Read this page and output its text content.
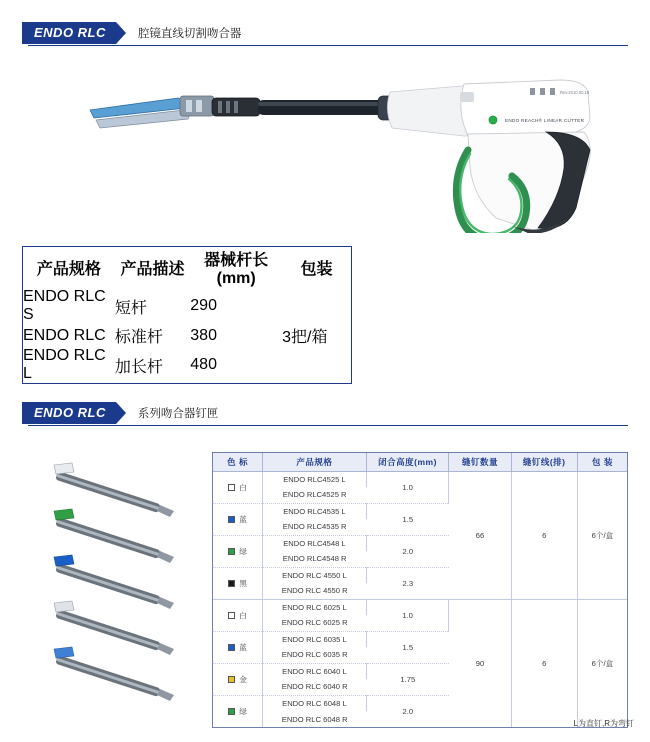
ENDO RLC	腔镜直线切割吻合器
Rev.2010.00.10
ENDO REACH® LINEAR CUTTER
产品规格	产品描述	器械杆长(mm)	包装
ENDO RLC S	短杆	290	3把/箱
ENDO RLC	标准杆	380	
ENDO RLC L	加长杆	480	
ENDO RLC	系列吻合器钉匣
色 标	产品规格	闭合高度(mm)	缝钉数量	缝钉线(排)	包 装
白	ENDO RLC4525 L	1.0	66	6	6个/盒
	ENDO RLC4525 R				
蓝	ENDO RLC4535 L	1.5			
	ENDO RLC4535 R				
绿	ENDO RLC4548 L	2.0			
	ENDO RLC4548 R				
黑	ENDO RLC 4550 L	2.3			
	ENDO RLC 4550 R				
白	ENDO RLC 6025 L	1.0	90	6	6个/盒
	ENDO RLC 6025 R				
蓝	ENDO RLC 6035 L	1.5			
	ENDO RLC 6035 R				
金	ENDO RLC 6040 L	1.75			
	ENDO RLC 6040 R				
绿	ENDO RLC 6048 L	2.0			
	ENDO RLC 6048 R					L为直钉,R为弯钉
